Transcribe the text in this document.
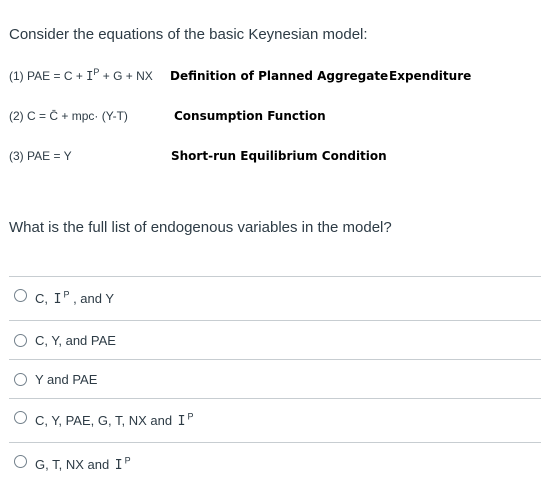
Consider the equations of the basic Keynesian model:
(1) PAE = $C + I^P + G$ + NX Definition of Planned Aggregate Expenditure
(2) C = C̄ + mpc· (Y-T)	Consumption Function
(3) PAE = Y	Short-run Equilibrium Condition
What is the full list of endogenous variables in the model?
C, I $^P$ , and Y
C, Y, and PAE
Y and PAE
C, Y, PAE, G, T, NX and I $^P$
G, T, NX and I $^P$
